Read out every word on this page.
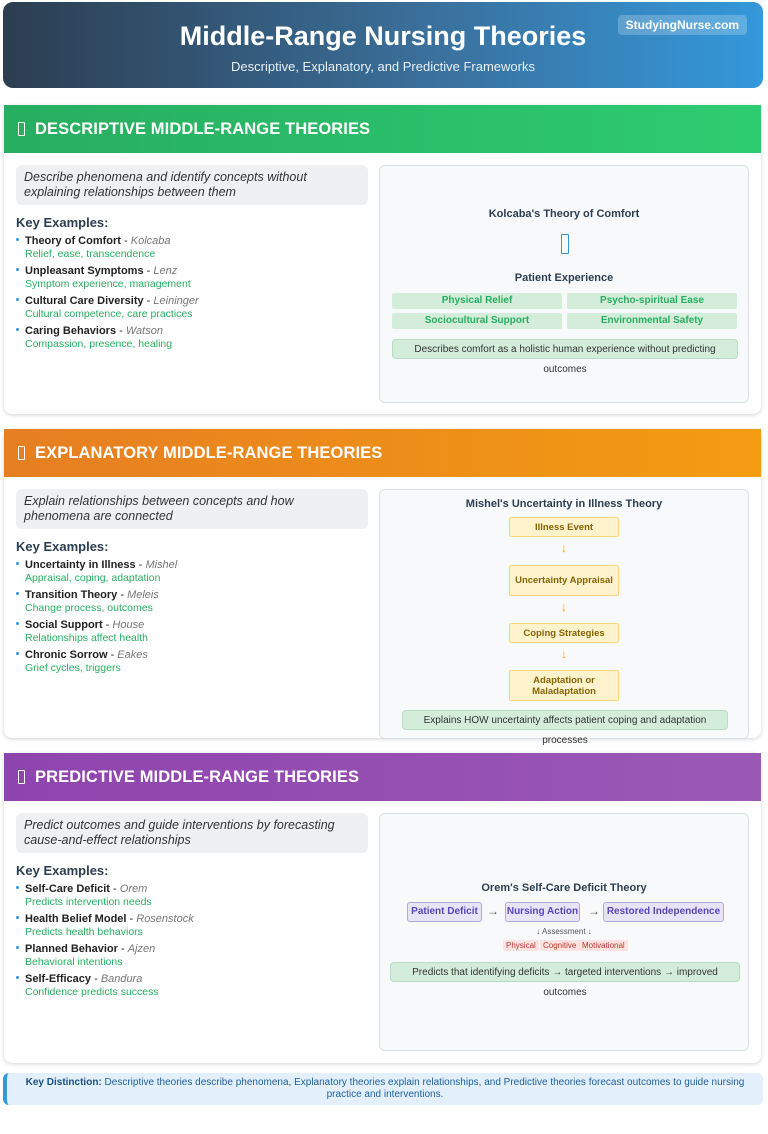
Middle-Range Nursing Theories
Descriptive, Explanatory, and Predictive Frameworks
StudyingNurse.com
DESCRIPTIVE MIDDLE-RANGE THEORIES
Describe phenomena and identify concepts without explaining relationships between them
Key Examples:
Theory of Comfort - Kolcaba
Relief, ease, transcendence
Unpleasant Symptoms - Lenz
Symptom experience, management
Cultural Care Diversity - Leininger
Cultural competence, care practices
Caring Behaviors - Watson
Compassion, presence, healing
Kolcaba's Theory of Comfort
Patient Experience
Physical Relief	Psycho-spiritual Ease
Sociocultural Support	Environmental Safety
Describes comfort as a holistic human experience without predicting outcomes
EXPLANATORY MIDDLE-RANGE THEORIES
Explain relationships between concepts and how phenomena are connected
Key Examples:
Uncertainty in Illness - Mishel
Appraisal, coping, adaptation
Transition Theory - Meleis
Change process, outcomes
Social Support - House
Relationships affect health
Chronic Sorrow - Eakes
Grief cycles, triggers
Mishel's Uncertainty in Illness Theory
Illness Event
↓
Uncertainty Appraisal
↓
Coping Strategies
↓
Adaptation or Maladaptation
Explains HOW uncertainty affects patient coping and adaptation processes
PREDICTIVE MIDDLE-RANGE THEORIES
Predict outcomes and guide interventions by forecasting cause-and-effect relationships
Key Examples:
Self-Care Deficit - Orem
Predicts intervention needs
Health Belief Model - Rosenstock
Predicts health behaviors
Planned Behavior - Ajzen
Behavioral intentions
Self-Efficacy - Bandura
Confidence predicts success
Orem's Self-Care Deficit Theory
Patient Deficit → Nursing Action → Restored Independence
↓ Assessment ↓
Physical Cognitive Motivational
Predicts that identifying deficits → targeted interventions → improved outcomes
Key Distinction: Descriptive theories describe phenomena, Explanatory theories explain relationships, and Predictive theories forecast outcomes to guide nursing practice and interventions.
